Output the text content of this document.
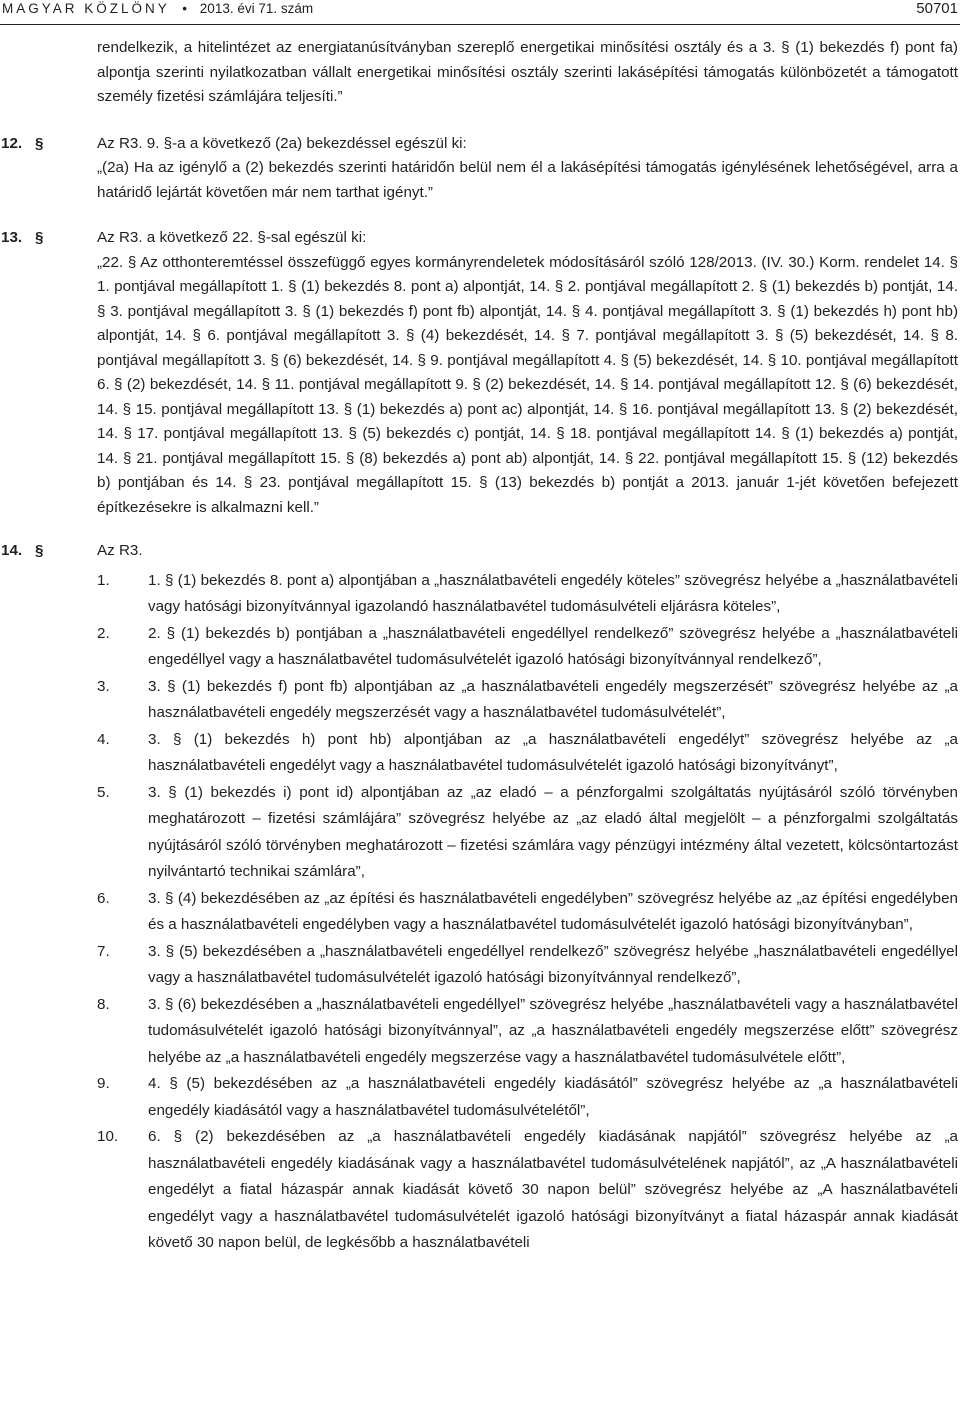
MAGYAR KÖZLÖNY • 2013. évi 71. szám	50701
rendelkezik, a hitelintézet az energiatanúsítványban szereplő energetikai minősítési osztály és a 3. § (1) bekezdés f) pont fa) alpontja szerinti nyilatkozatban vállalt energetikai minősítési osztály szerinti lakásépítési támogatás különbözetét a támogatott személy fizetési számlájára teljesíti.”
12. §	Az R3. 9. §-a a következő (2a) bekezdéssel egészül ki:
„(2a) Ha az igénylő a (2) bekezdés szerinti határidőn belül nem él a lakásépítési támogatás igénylésének lehetőségével, arra a határidő lejártát követően már nem tarthat igényt.”
13. §	Az R3. a következő 22. §-sal egészül ki:
„22. § Az otthonteremtéssel összefüggő egyes kormányrendeletek módosításáról szóló 128/2013. (IV. 30.) Korm. rendelet 14. § 1. pontjával megállapított 1. § (1) bekezdés 8. pont a) alpontját, 14. § 2. pontjával megállapított 2. § (1) bekezdés b) pontját, 14. § 3. pontjával megállapított 3. § (1) bekezdés f) pont fb) alpontját, 14. § 4. pontjával megállapított 3. § (1) bekezdés h) pont hb) alpontját, 14. § 6. pontjával megállapított 3. § (4) bekezdését, 14. § 7. pontjával megállapított 3. § (5) bekezdését, 14. § 8. pontjával megállapított 3. § (6) bekezdését, 14. § 9. pontjával megállapított 4. § (5) bekezdését, 14. § 10. pontjával megállapított 6. § (2) bekezdését, 14. § 11. pontjával megállapított 9. § (2) bekezdését, 14. § 14. pontjával megállapított 12. § (6) bekezdését, 14. § 15. pontjával megállapított 13. § (1) bekezdés a) pont ac) alpontját, 14. § 16. pontjával megállapított 13. § (2) bekezdését, 14. § 17. pontjával megállapított 13. § (5) bekezdés c) pontját, 14. § 18. pontjával megállapított 14. § (1) bekezdés a) pontját, 14. § 21. pontjával megállapított 15. § (8) bekezdés a) pont ab) alpontját, 14. § 22. pontjával megállapított 15. § (12) bekezdés b) pontjában és 14. § 23. pontjával megállapított 15. § (13) bekezdés b) pontját a 2013. január 1-jét követően befejezett építkezésekre is alkalmazni kell.”
14. §	Az R3.
1.	1. § (1) bekezdés 8. pont a) alpontjában a „használatbavételi engedély köteles” szövegrész helyébe a „használatbavételi vagy hatósági bizonyítvánnyal igazolandó használatbavétel tudomásulvételi eljárásra köteles”,
2.	2. § (1) bekezdés b) pontjában a „használatbavételi engedéllyel rendelkező” szövegrész helyébe a „használatbavételi engedéllyel vagy a használatbavétel tudomásulvételét igazoló hatósági bizonyítvánnyal rendelkező”,
3.	3. § (1) bekezdés f) pont fb) alpontjában az „a használatbavételi engedély megszerzését” szövegrész helyébe az „a használatbavételi engedély megszerzését vagy a használatbavétel tudomásulvételét”,
4.	3. § (1) bekezdés h) pont hb) alpontjában az „a használatbavételi engedélyt” szövegrész helyébe az „a használatbavételi engedélyt vagy a használatbavétel tudomásulvételét igazoló hatósági bizonyítványt”,
5.	3. § (1) bekezdés i) pont id) alpontjában az „az eladó – a pénzforgalmi szolgáltatás nyújtásáról szóló törvényben meghatározott – fizetési számlájára” szövegrész helyébe az „az eladó által megjelölt – a pénzforgalmi szolgáltatás nyújtásáról szóló törvényben meghatározott – fizetési számlára vagy pénzügyi intézmény által vezetett, kölcsöntartozást nyilvántartó technikai számlára”,
6.	3. § (4) bekezdésében az „az építési és használatbavételi engedélyben” szövegrész helyébe az „az építési engedélyben és a használatbavételi engedélyben vagy a használatbavétel tudomásulvételét igazoló hatósági bizonyítványban”,
7.	3. § (5) bekezdésében a „használatbavételi engedéllyel rendelkező” szövegrész helyébe „használatbavételi engedéllyel vagy a használatbavétel tudomásulvételét igazoló hatósági bizonyítvánnyal rendelkező”,
8.	3. § (6) bekezdésében a „használatbavételi engedéllyel” szövegrész helyébe „használatbavételi vagy a használatbavétel tudomásulvételét igazoló hatósági bizonyítvánnyal”, az „a használatbavételi engedély megszerzése előtt” szövegrész helyébe az „a használatbavételi engedély megszerzése vagy a használatbavétel tudomásulvétele előtt”,
9.	4. § (5) bekezdésében az „a használatbavételi engedély kiadásától” szövegrész helyébe az „a használatbavételi engedély kiadásától vagy a használatbavétel tudomásulvételétől”,
10. 6. § (2) bekezdésében az „a használatbavételi engedély kiadásának napjától” szövegrész helyébe az „a használatbavételi engedély kiadásának vagy a használatbavétel tudomásulvételének napjától”, az „A használatbavételi engedélyt a fiatal házaspár annak kiadását követő 30 napon belül” szövegrész helyébe az „A használatbavételi engedélyt vagy a használatbavétel tudomásulvételét igazoló hatósági bizonyítványt a fiatal házaspár annak kiadását követő 30 napon belül, de legkésőbb a használatbavételi
